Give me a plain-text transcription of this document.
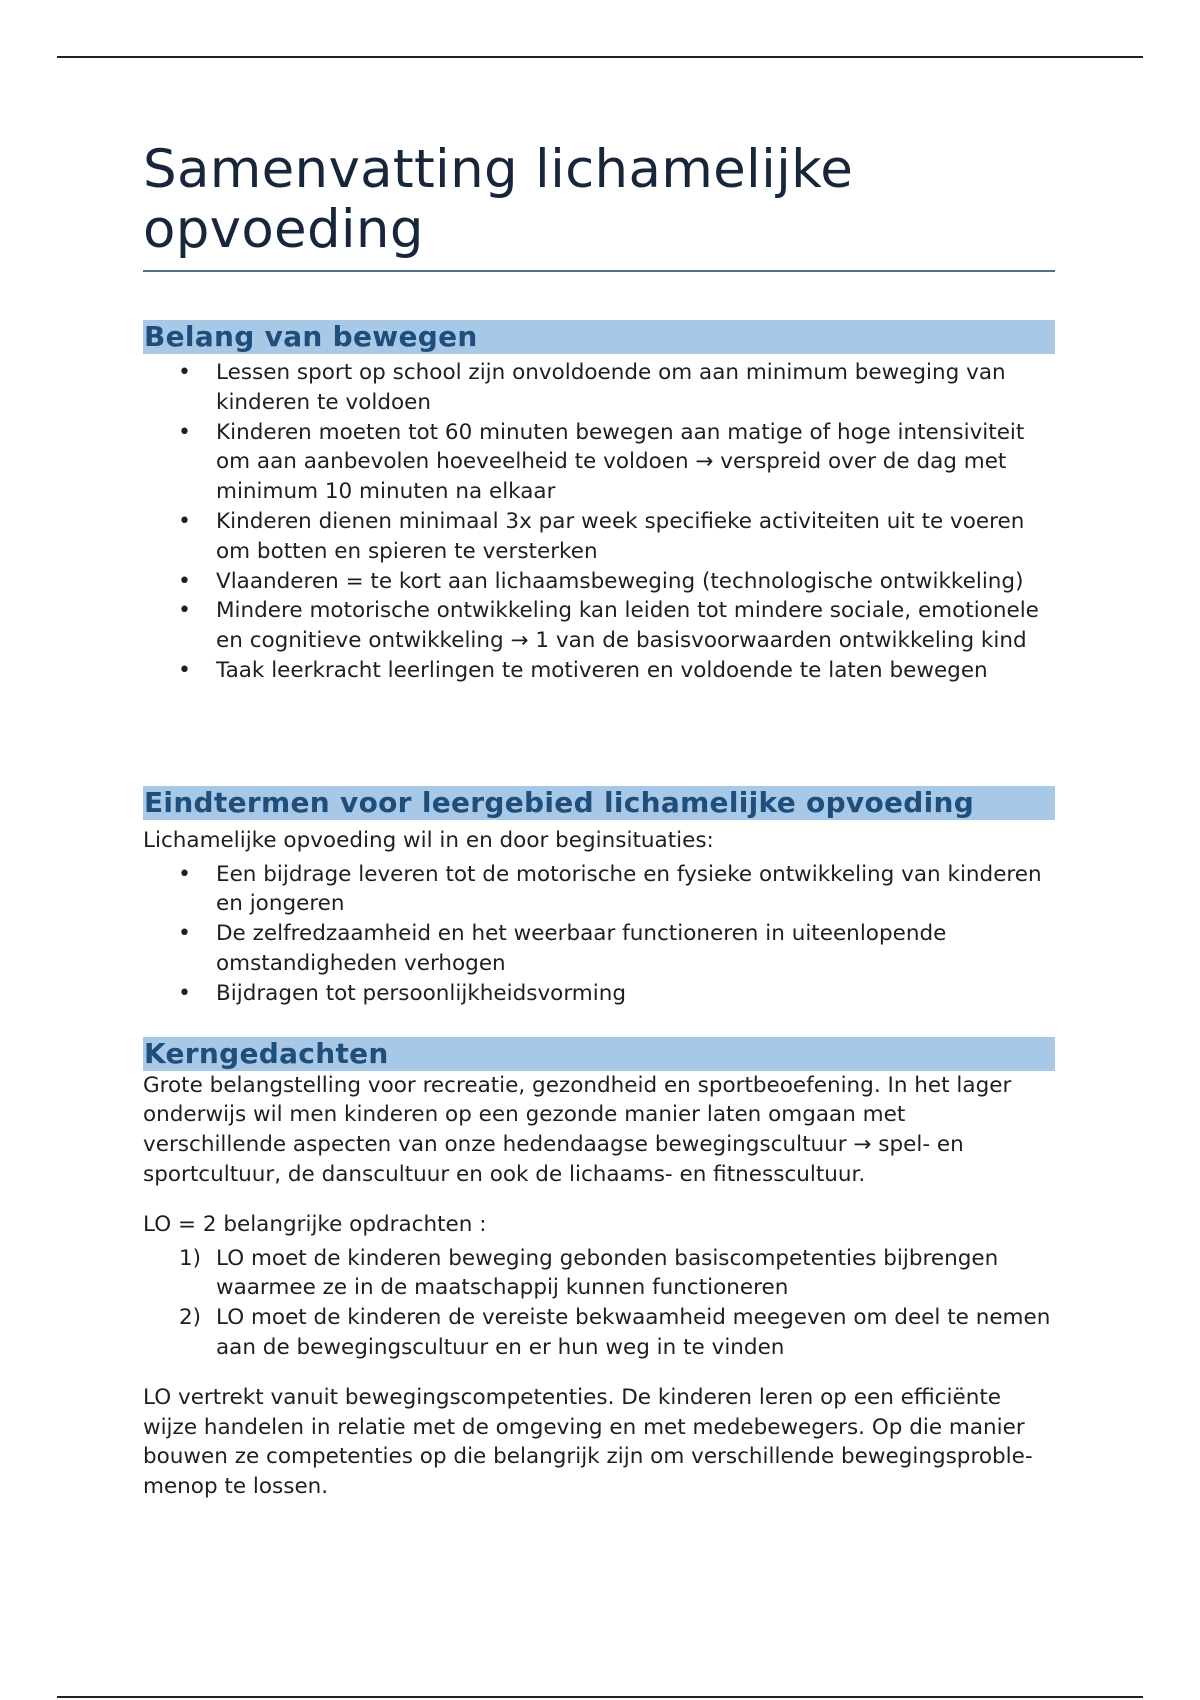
Samenvatting lichamelijke opvoeding
Belang van bewegen
• Lessen sport op school zijn onvoldoende om aan minimum beweging van kinderen te voldoen
• Kinderen moeten tot 60 minuten bewegen aan matige of hoge intensiviteit om aan aanbevolen hoeveelheid te voldoen → verspreid over de dag met minimum 10 minuten na elkaar
• Kinderen dienen minimaal 3x par week specifieke activiteiten uit te voeren om botten en spieren te versterken
• Vlaanderen = te kort aan lichaamsbeweging (technologische ontwikkeling)
• Mindere motorische ontwikkeling kan leiden tot mindere sociale, emotionele en cognitieve ontwikkeling → 1 van de basisvoorwaarden ontwikkeling kind
• Taak leerkracht leerlingen te motiveren en voldoende te laten bewegen
Eindtermen voor leergebied lichamelijke opvoeding

Lichamelijke opvoeding wil in en door beginsituaties:

• Een bijdrage leveren tot de motorische en fysieke ontwikkeling van kinderen en jongeren
• De zelfredzaamheid en het weerbaar functioneren in uiteenlopende omstandigheden verhogen
• Bijdragen tot persoonlijkheidsvorming
Kerngedachten

Grote belangstelling voor recreatie, gezondheid en sportbeoefening. In het lager onderwijs wil men kinderen op een gezonde manier laten omgaan met verschillende aspecten van onze hedendaagse bewegingscultuur → spel- en sportcultuur, de danscultuur en ook de lichaams- en fitnesscultuur.

LO = 2 belangrijke opdrachten :

1) LO moet de kinderen beweging gebonden basiscompetenties bijbrengen waarmee ze in de maatschappij kunnen functioneren
2) LO moet de kinderen de vereiste bekwaamheid meegeven om deel te nemen aan de bewegingscultuur en er hun weg in te vinden

LO vertrekt vanuit bewegingscompetenties. De kinderen leren op een efficiënte wijze handelen in relatie met de omgeving en met medebewegers. Op die manier bouwen ze competenties op die belangrijk zijn om verschillende bewegingsproble-menop te lossen.
